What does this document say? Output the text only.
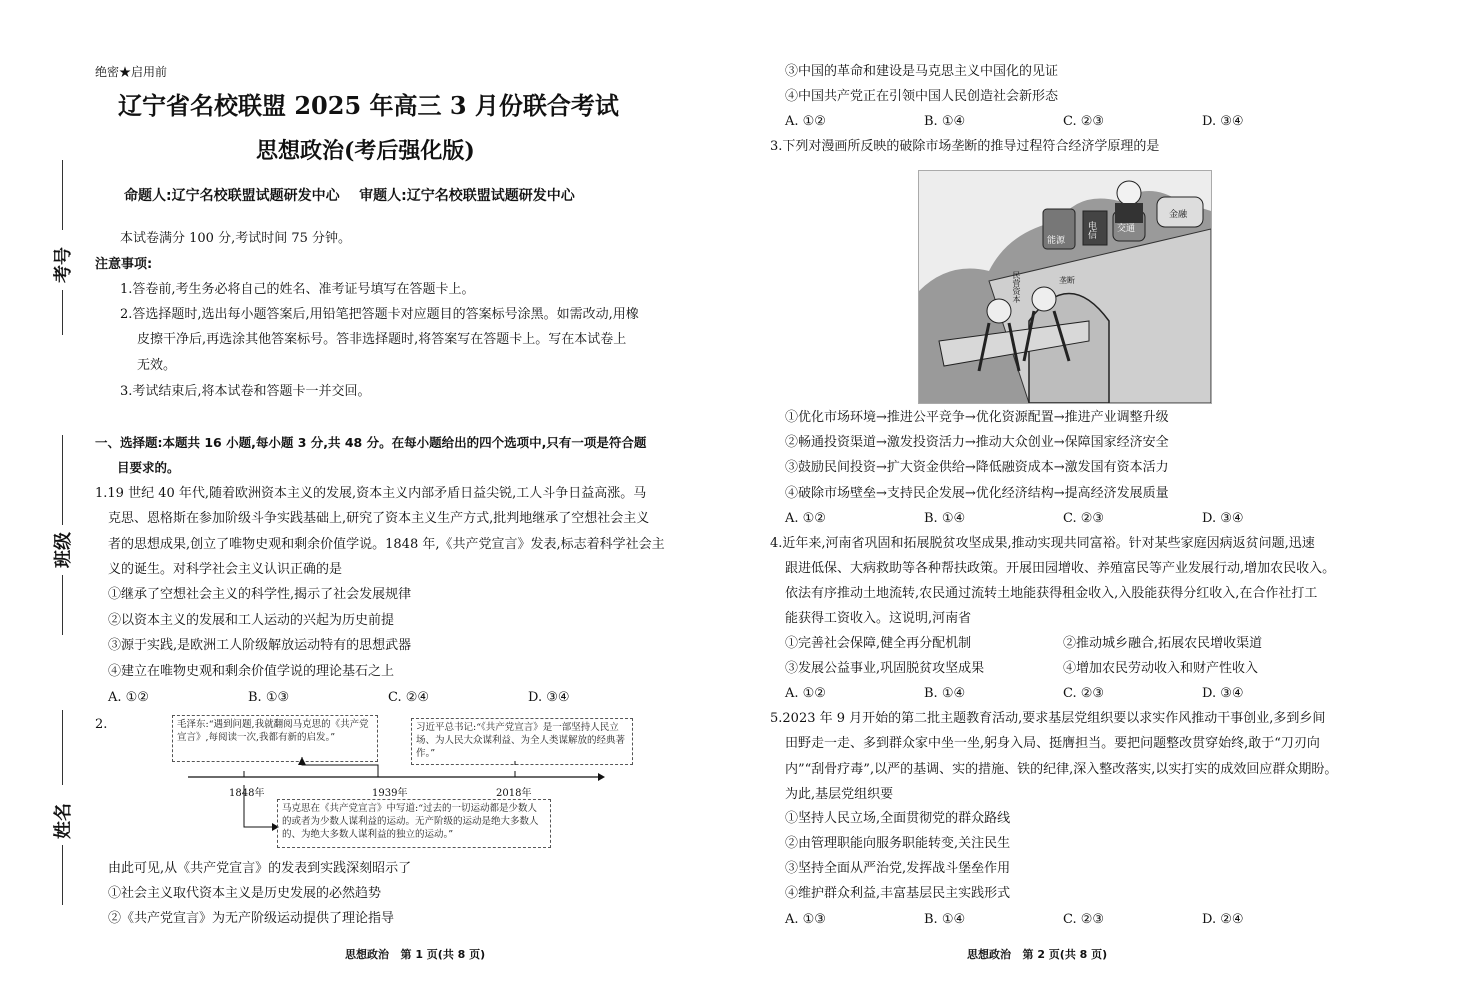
考号
班级
姓名
绝密★启用前
辽宁省名校联盟 2025 年高三 3 月份联合考试
思想政治(考后强化版)
命题人:辽宁名校联盟试题研发中心    审题人:辽宁名校联盟试题研发中心
本试卷满分 100 分,考试时间 75 分钟。
注意事项:
1.答卷前,考生务必将自己的姓名、准考证号填写在答题卡上。
2.答选择题时,选出每小题答案后,用铅笔把答题卡对应题目的答案标号涂黑。如需改动,用橡
皮擦干净后,再选涂其他答案标号。答非选择题时,将答案写在答题卡上。写在本试卷上
无效。
3.考试结束后,将本试卷和答题卡一并交回。
一、选择题:本题共 16 小题,每小题 3 分,共 48 分。在每小题给出的四个选项中,只有一项是符合题
目要求的。
1.19 世纪 40 年代,随着欧洲资本主义的发展,资本主义内部矛盾日益尖锐,工人斗争日益高涨。马
克思、恩格斯在参加阶级斗争实践基础上,研究了资本主义生产方式,批判地继承了空想社会主义
者的思想成果,创立了唯物史观和剩余价值学说。1848 年,《共产党宣言》发表,标志着科学社会主
义的诞生。对科学社会主义认识正确的是
①继承了空想社会主义的科学性,揭示了社会发展规律
②以资本主义的发展和工人运动的兴起为历史前提
③源于实践,是欧洲工人阶级解放运动特有的思想武器
④建立在唯物史观和剩余价值学说的理论基石之上
A. ①②	B. ①③	C. ②④	D. ③④
2.	毛泽东:“遇到问题,我就翻阅马克思的《共产党宣言》,每阅读一次,我都有新的启发。”
习近平总书记:“《共产党宣言》是一部坚持人民立场、为人民大众谋利益、为全人类谋解放的经典著作。”
1848年	1939年	2018年
马克思在《共产党宣言》中写道:“过去的一切运动都是少数人的或者为少数人谋利益的运动。无产阶级的运动是绝大多数人的、为绝大多数人谋利益的独立的运动。”
由此可见,从《共产党宣言》的发表到实践深刻昭示了
①社会主义取代资本主义是历史发展的必然趋势
②《共产党宣言》为无产阶级运动提供了理论指导
思想政治   第 1 页(共 8 页)
③中国的革命和建设是马克思主义中国化的见证
④中国共产党正在引领中国人民创造社会新形态
A. ①②	B. ①④	C. ②③	D. ③④
3.下列对漫画所反映的破除市场垄断的推导过程符合经济学原理的是
能源
电信 交通
金融
民营资本	垄断
①优化市场环境→推进公平竞争→优化资源配置→推进产业调整升级
②畅通投资渠道→激发投资活力→推动大众创业→保障国家经济安全
③鼓励民间投资→扩大资金供给→降低融资成本→激发国有资本活力
④破除市场壁垒→支持民企发展→优化经济结构→提高经济发展质量
A. ①②	B. ①④	C. ②③	D. ③④
4.近年来,河南省巩固和拓展脱贫攻坚成果,推动实现共同富裕。针对某些家庭因病返贫问题,迅速
跟进低保、大病救助等各种帮扶政策。开展田园增收、养殖富民等产业发展行动,增加农民收入。
依法有序推动土地流转,农民通过流转土地能获得租金收入,入股能获得分红收入,在合作社打工
能获得工资收入。这说明,河南省
①完善社会保障,健全再分配机制	②推动城乡融合,拓展农民增收渠道
③发展公益事业,巩固脱贫攻坚成果	④增加农民劳动收入和财产性收入
A. ①②	B. ①④	C. ②③	D. ③④
5.2023 年 9 月开始的第二批主题教育活动,要求基层党组织要以求实作风推动干事创业,多到乡间
田野走一走、多到群众家中坐一坐,躬身入局、挺膺担当。要把问题整改贯穿始终,敢于“刀刃向
内”“刮骨疗毒”,以严的基调、实的措施、铁的纪律,深入整改落实,以实打实的成效回应群众期盼。
为此,基层党组织要
①坚持人民立场,全面贯彻党的群众路线
②由管理职能向服务职能转变,关注民生
③坚持全面从严治党,发挥战斗堡垒作用
④维护群众利益,丰富基层民主实践形式
A. ①③	B. ①④	C. ②③	D. ②④
思想政治   第 2 页(共 8 页)
